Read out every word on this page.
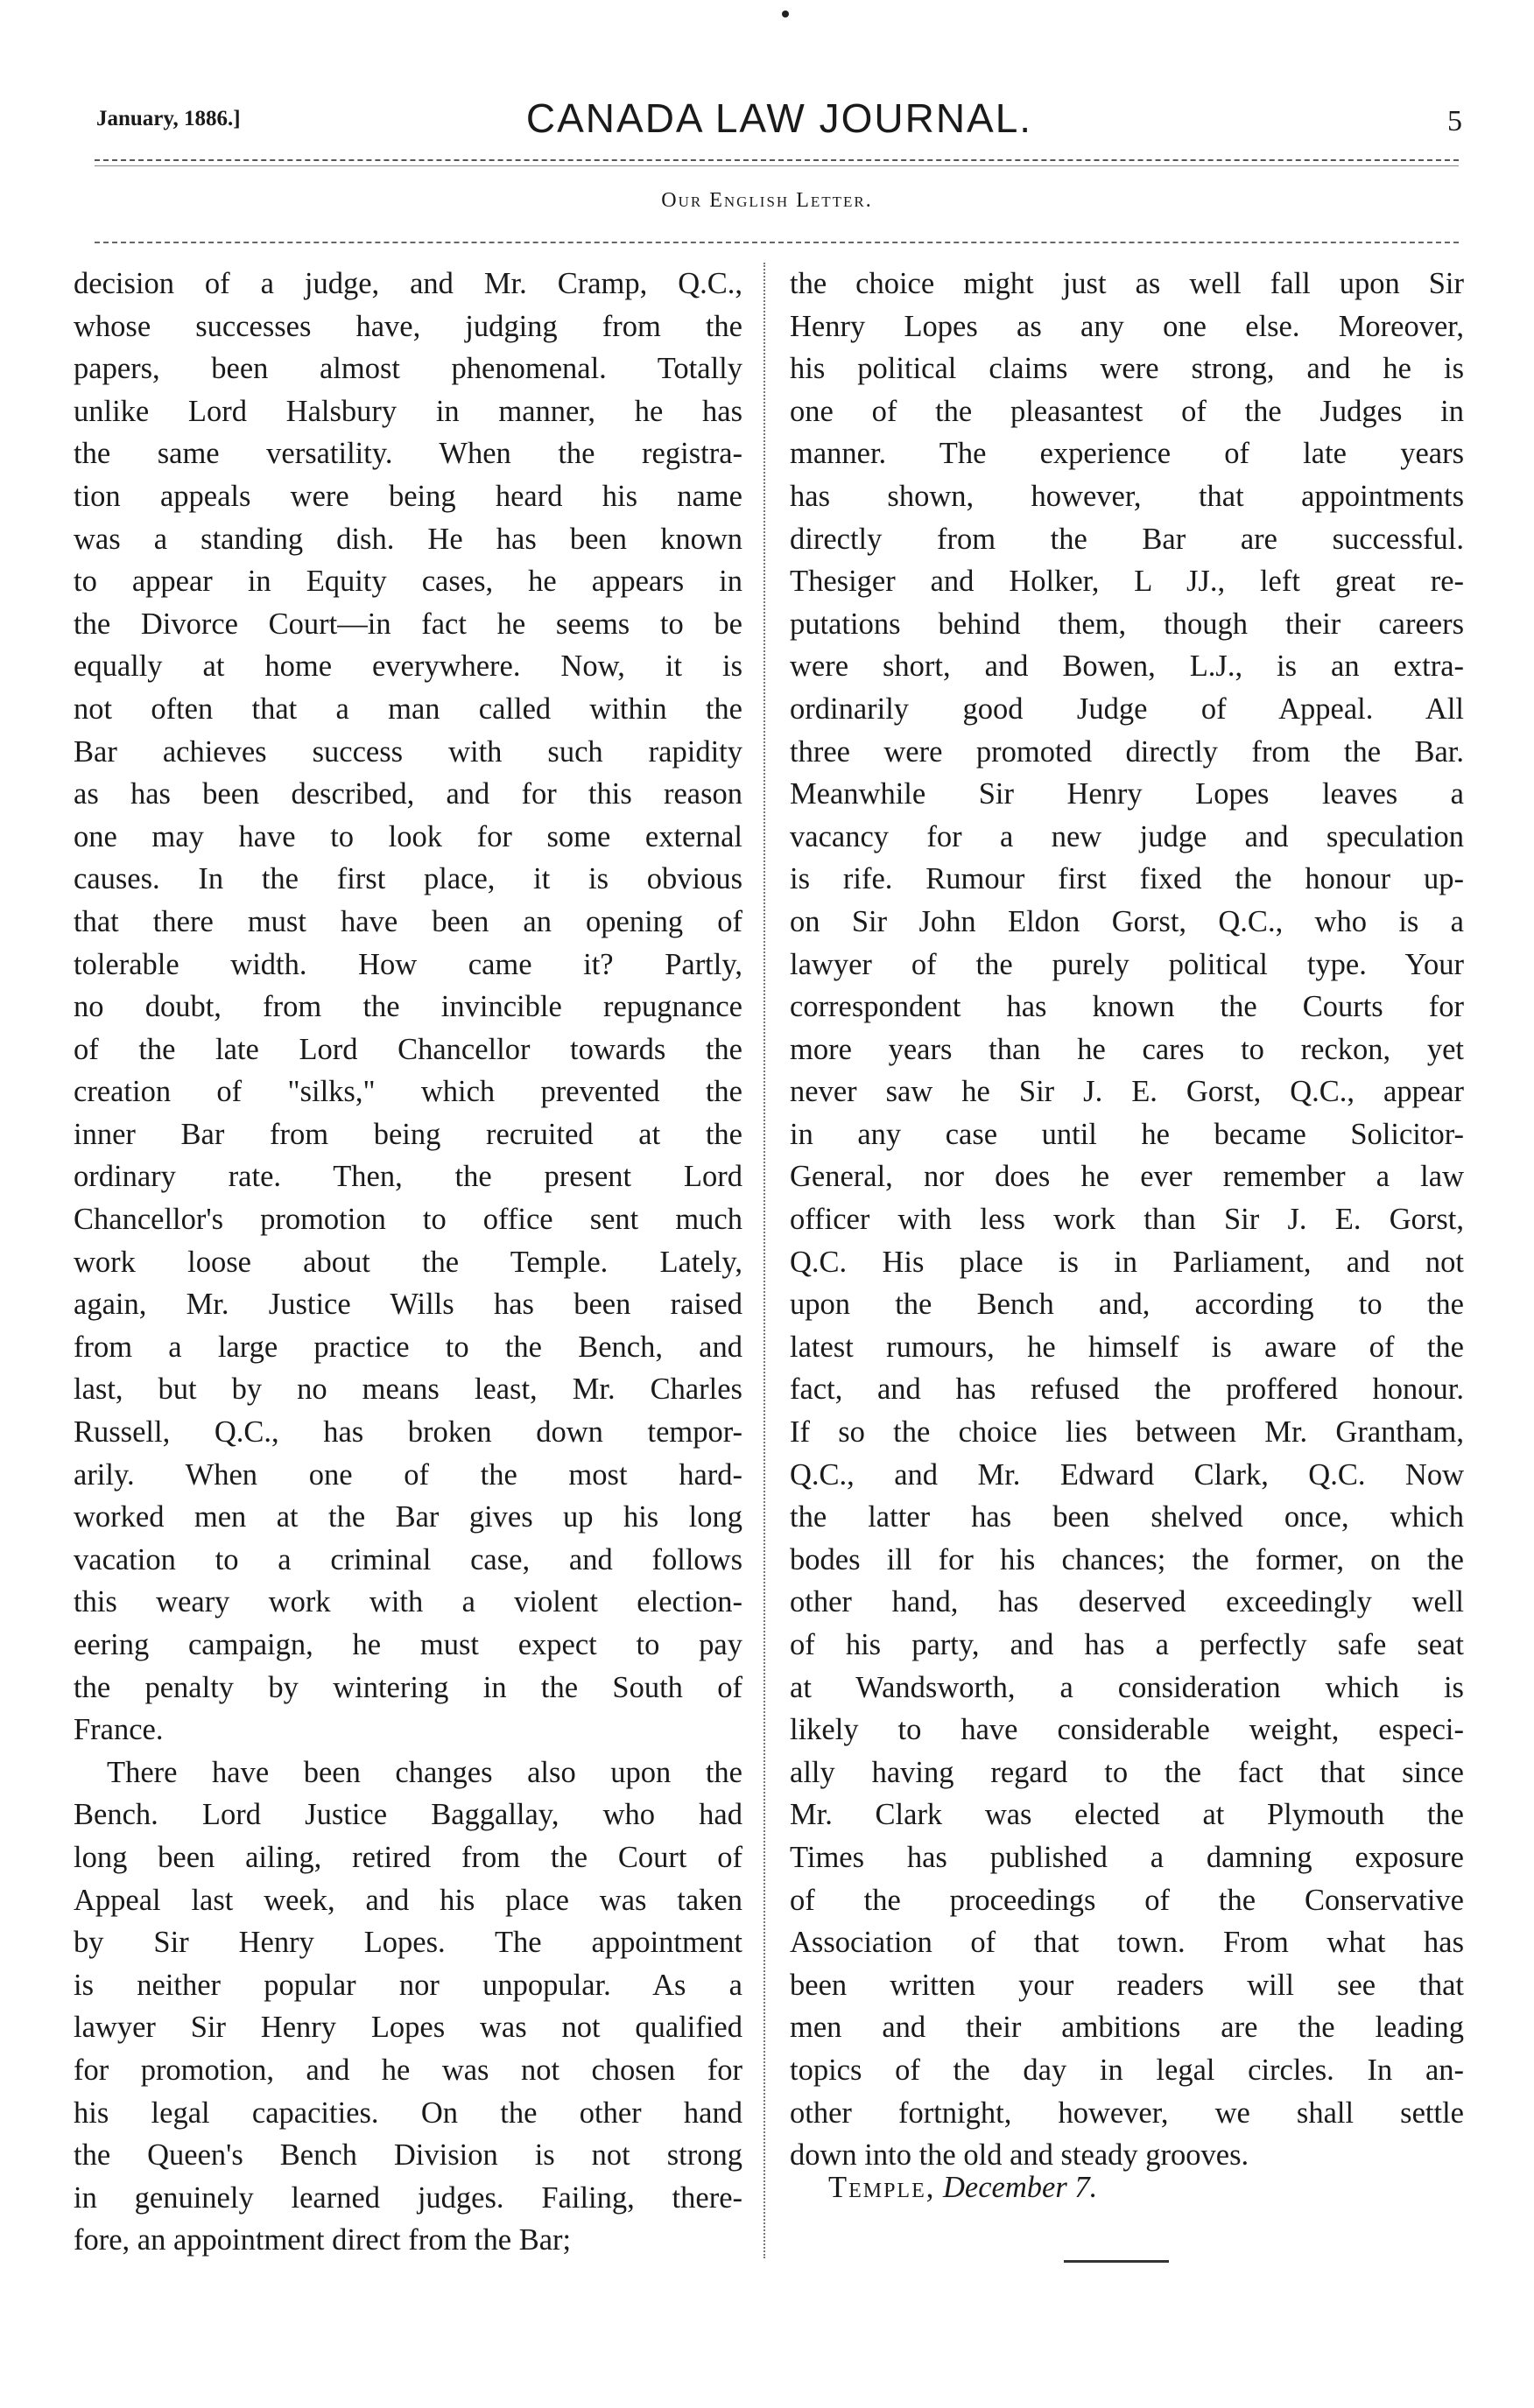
January, 1886.]	CANADA LAW JOURNAL.	5
Our English Letter.
decision of a judge, and Mr. Cramp, Q.C.,
whose successes have, judging from the
papers, been almost phenomenal. Totally
unlike Lord Halsbury in manner, he has
the same versatility. When the registra-
tion appeals were being heard his name
was a standing dish. He has been known
to appear in Equity cases, he appears in
the Divorce Court—in fact he seems to be
equally at home everywhere. Now, it is
not often that a man called within the
Bar achieves success with such rapidity
as has been described, and for this reason
one may have to look for some external
causes. In the first place, it is obvious
that there must have been an opening of
tolerable width. How came it? Partly,
no doubt, from the invincible repugnance
of the late Lord Chancellor towards the
creation of "silks," which prevented the
inner Bar from being recruited at the
ordinary rate. Then, the present Lord
Chancellor's promotion to office sent much
work loose about the Temple. Lately,
again, Mr. Justice Wills has been raised
from a large practice to the Bench, and
last, but by no means least, Mr. Charles
Russell, Q.C., has broken down tempor-
arily. When one of the most hard-
worked men at the Bar gives up his long
vacation to a criminal case, and follows
this weary work with a violent election-
eering campaign, he must expect to pay
the penalty by wintering in the South of
France.
There have been changes also upon the
Bench. Lord Justice Baggallay, who had
long been ailing, retired from the Court of
Appeal last week, and his place was taken
by Sir Henry Lopes. The appointment
is neither popular nor unpopular. As a
lawyer Sir Henry Lopes was not qualified
for promotion, and he was not chosen for
his legal capacities. On the other hand
the Queen's Bench Division is not strong
in genuinely learned judges. Failing, there-
fore, an appointment direct from the Bar;
the choice might just as well fall upon Sir
Henry Lopes as any one else. Moreover,
his political claims were strong, and he is
one of the pleasantest of the Judges in
manner. The experience of late years
has shown, however, that appointments
directly from the Bar are successful.
Thesiger and Holker, L JJ., left great re-
putations behind them, though their careers
were short, and Bowen, L.J., is an extra-
ordinarily good Judge of Appeal. All
three were promoted directly from the Bar.
Meanwhile Sir Henry Lopes leaves a
vacancy for a new judge and speculation
is rife. Rumour first fixed the honour up-
on Sir John Eldon Gorst, Q.C., who is a
lawyer of the purely political type. Your
correspondent has known the Courts for
more years than he cares to reckon, yet
never saw he Sir J. E. Gorst, Q.C., appear
in any case until he became Solicitor-
General, nor does he ever remember a law
officer with less work than Sir J. E. Gorst,
Q.C. His place is in Parliament, and not
upon the Bench and, according to the
latest rumours, he himself is aware of the
fact, and has refused the proffered honour.
If so the choice lies between Mr. Grantham,
Q.C., and Mr. Edward Clark, Q.C. Now
the latter has been shelved once, which
bodes ill for his chances; the former, on the
other hand, has deserved exceedingly well
of his party, and has a perfectly safe seat
at Wandsworth, a consideration which is
likely to have considerable weight, especi-
ally having regard to the fact that since
Mr. Clark was elected at Plymouth the
Times has published a damning exposure
of the proceedings of the Conservative
Association of that town. From what has
been written your readers will see that
men and their ambitions are the leading
topics of the day in legal circles. In an-
other fortnight, however, we shall settle
down into the old and steady grooves.
Temple, December 7.
